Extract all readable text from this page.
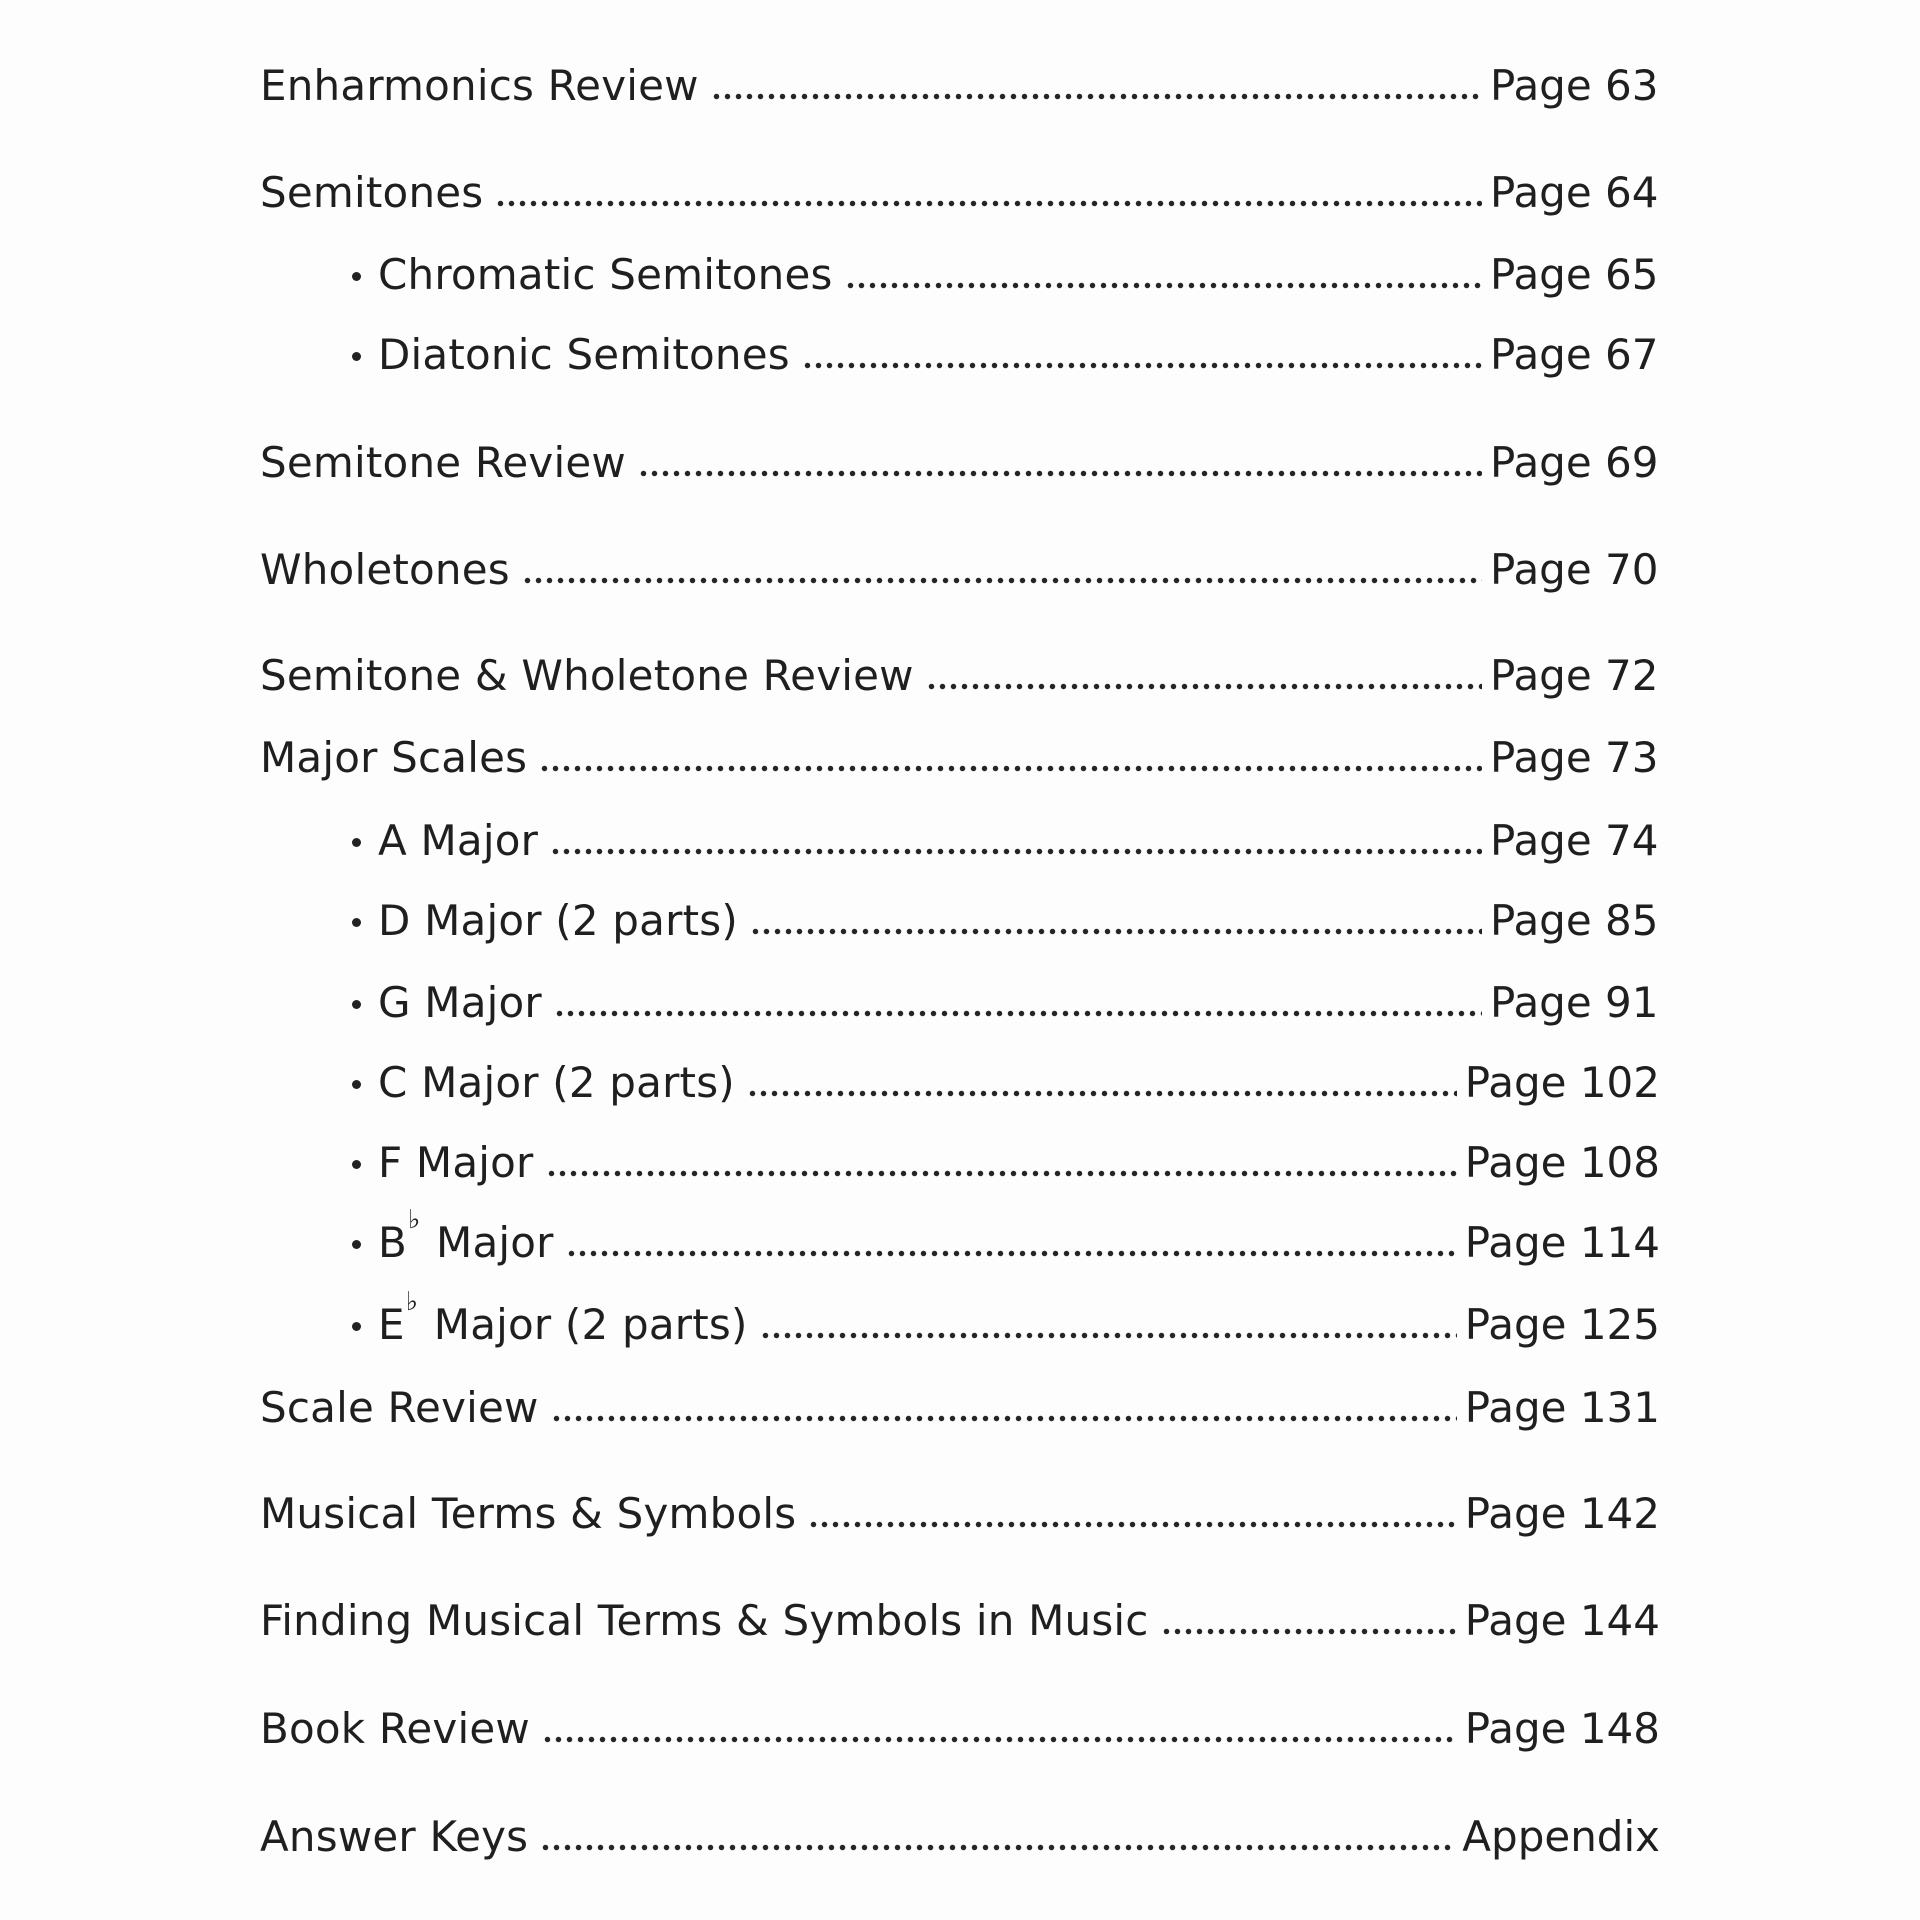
Enharmonics Review	Page 63
Semitones	Page 64
Chromatic Semitones	Page 65
Diatonic Semitones	Page 67
Semitone Review	Page 69
Wholetones	Page 70
Semitone & Wholetone Review	Page 72
Major Scales	Page 73
A Major	Page 74
D Major (2 parts)	Page 85
G Major	Page 91
C Major (2 parts)	Page 102
F Major	Page 108
B♭ Major	Page 114
E♭ Major (2 parts)	Page 125
Scale Review	Page 131
Musical Terms & Symbols	Page 142
Finding Musical Terms & Symbols in Music	Page 144
Book Review	Page 148
Answer Keys	Appendix
